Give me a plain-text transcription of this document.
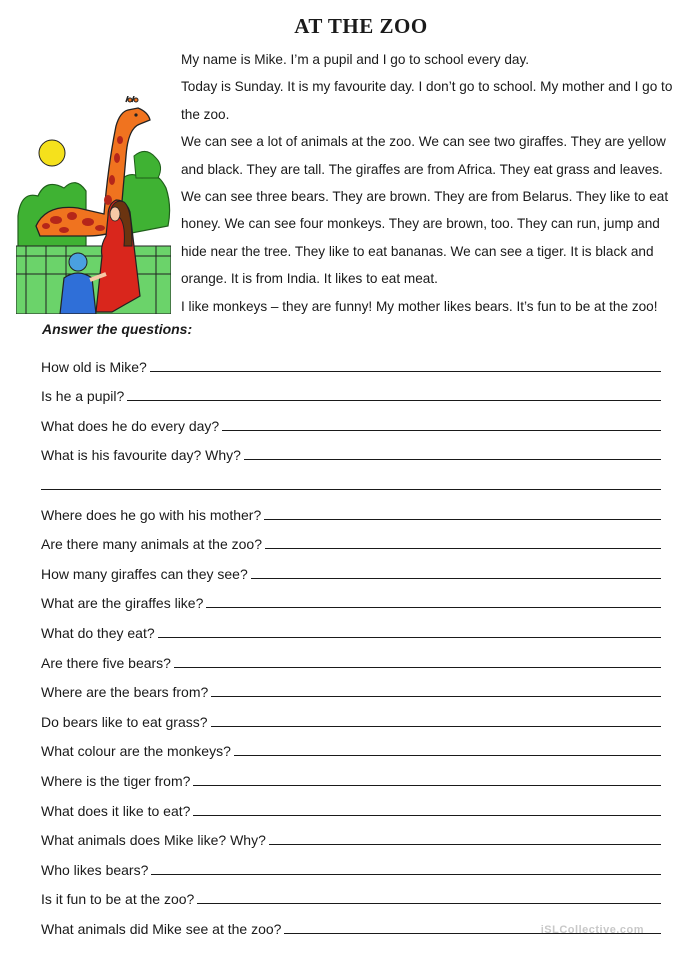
AT THE ZOO

My name is Mike. I’m a pupil and I go to school every day.

Today is Sunday. It is my favourite day. I don’t go to school. My mother and I go to the zoo.

We can see a lot of animals at the zoo. We can see two giraffes. They are yellow and black. They are tall. The giraffes are from Africa. They eat grass and leaves. We can see three bears. They are brown. They are from Belarus. They like to eat honey. We can see four monkeys. They are brown, too. They can run, jump and hide near the tree. They like to eat bananas. We can see a tiger. It is black and orange. It is from India. It likes to eat meat.

I like monkeys – they are funny! My mother likes bears. It’s fun to be at the zoo!

Answer the questions:
How old is Mike?
Is he a pupil?
What does he do every day?
What is his favourite day? Why?
Where does he go with his mother?
Are there many animals at the zoo?
How many giraffes can they see?
What are the giraffes like?
What do they eat?
Are there five bears?
Where are the bears from?
Do bears like to eat grass?
What colour are the monkeys?
Where is the tiger from?
What does it like to eat?
What animals does Mike like? Why?
Who likes bears?
Is it fun to be at the zoo?
What animals did Mike see at the zoo?	iSLCollective.com
